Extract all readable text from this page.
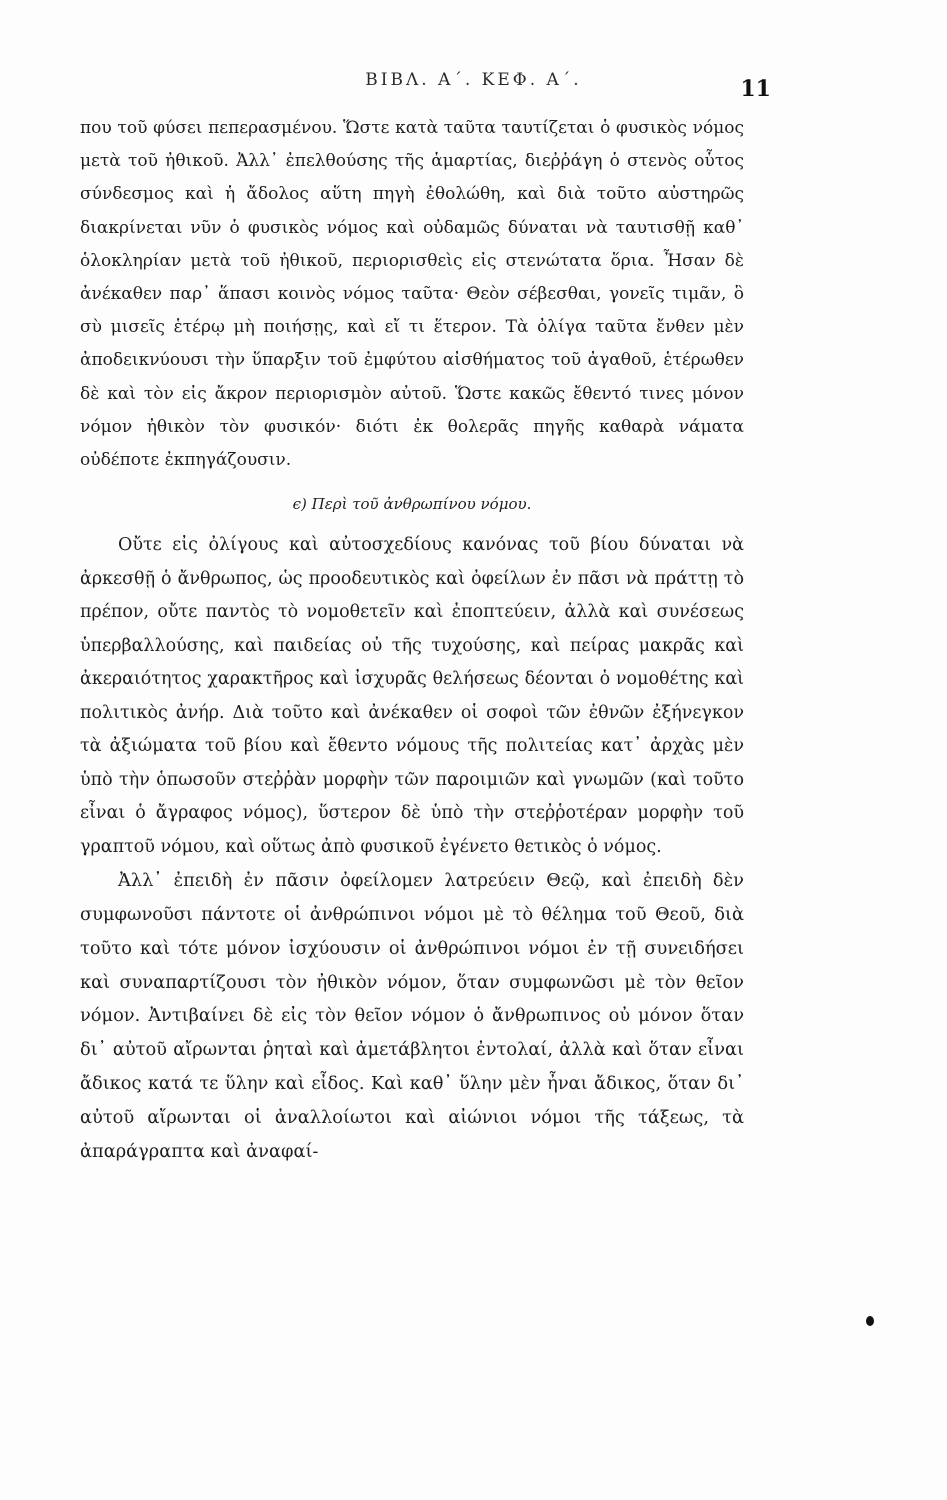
ΒΙΒΛ. Α΄. ΚΕΦ. Α΄.	11

που τοῦ φύσει πεπερασμένου. Ὥστε κατὰ ταῦτα ταυτίζεται ὁ φυσικὸς νόμος μετὰ τοῦ ἠθικοῦ. Ἀλλ᾽ ἐπελθούσης τῆς ἁμαρτίας, διεῤῥάγη ὁ στενὸς οὗτος σύνδεσμος καὶ ἡ ἄδολος αὕτη πηγὴ ἐθολώθη, καὶ διὰ τοῦτο αὐστηρῶς διακρίνεται νῦν ὁ φυσικὸς νόμος καὶ οὐδαμῶς δύναται νὰ ταυτισθῇ καθ᾽ ὁλοκληρίαν μετὰ τοῦ ἠθικοῦ, περιορισθεὶς εἰς στενώτατα ὅρια. Ἦσαν δὲ ἀνέκαθεν παρ᾽ ἅπασι κοινὸς νόμος ταῦτα· Θεὸν σέβεσθαι, γονεῖς τιμᾶν, ὃ σὺ μισεῖς ἑτέρῳ μὴ ποιήσῃς, καὶ εἴ τι ἕτερον. Τὰ ὀλίγα ταῦτα ἔνθεν μὲν ἀποδεικνύουσι τὴν ὕπαρξιν τοῦ ἐμφύτου αἰσθήματος τοῦ ἀγαθοῦ, ἑτέρωθεν δὲ καὶ τὸν εἰς ἄκρον περιορισμὸν αὐτοῦ. Ὥστε κακῶς ἔθεντό τινες μόνον νόμον ἠθικὸν τὸν φυσικόν· διότι ἐκ θολερᾶς πηγῆς καθαρὰ νάματα οὐδέποτε ἐκπηγάζουσιν.

ϵ) Περὶ τοῦ ἀνθρωπίνου νόμου.

Οὔτε εἰς ὀλίγους καὶ αὐτοσχεδίους κανόνας τοῦ βίου δύναται νὰ ἀρκεσθῇ ὁ ἄνθρωπος, ὡς προοδευτικὸς καὶ ὀφείλων ἐν πᾶσι νὰ πράττῃ τὸ πρέπον, οὔτε παντὸς τὸ νομοθετεῖν καὶ ἐποπτεύειν, ἀλλὰ καὶ συνέσεως ὑπερβαλλούσης, καὶ παιδείας οὐ τῆς τυχούσης, καὶ πείρας μακρᾶς καὶ ἀκεραιότητος χαρακτῆρος καὶ ἰσχυρᾶς θελήσεως δέονται ὁ νομοθέτης καὶ πολιτικὸς ἀνήρ. Διὰ τοῦτο καὶ ἀνέκαθεν οἱ σοφοὶ τῶν ἐθνῶν ἐξήνεγκον τὰ ἀξιώματα τοῦ βίου καὶ ἔθεντο νόμους τῆς πολιτείας κατ᾽ ἀρχὰς μὲν ὑπὸ τὴν ὁπωσοῦν στεῤῥὰν μορφὴν τῶν παροιμιῶν καὶ γνωμῶν (καὶ τοῦτο εἶναι ὁ ἄγραφος νόμος), ὕστερον δὲ ὑπὸ τὴν στεῤῥοτέραν μορφὴν τοῦ γραπτοῦ νόμου, καὶ οὕτως ἀπὸ φυσικοῦ ἐγένετο θετικὸς ὁ νόμος.

Ἀλλ᾽ ἐπειδὴ ἐν πᾶσιν ὀφείλομεν λατρεύειν Θεῷ, καὶ ἐπειδὴ δὲν συμφωνοῦσι πάντοτε οἱ ἀνθρώπινοι νόμοι μὲ τὸ θέλημα τοῦ Θεοῦ, διὰ τοῦτο καὶ τότε μόνον ἰσχύουσιν οἱ ἀνθρώπινοι νόμοι ἐν τῇ συνειδήσει καὶ συναπαρτίζουσι τὸν ἠθικὸν νόμον, ὅταν συμφωνῶσι μὲ τὸν θεῖον νόμον. Ἀντιβαίνει δὲ εἰς τὸν θεῖον νόμον ὁ ἄνθρωπινος οὐ μόνον ὅταν δι᾽ αὐτοῦ αἴρωνται ῥηταὶ καὶ ἀμετάβλητοι ἐντολαί, ἀλλὰ καὶ ὅταν εἶναι ἄδικος κατά τε ὕλην καὶ εἶδος. Καὶ καθ᾽ ὕλην μὲν ἦναι ἄδικος, ὅταν δι᾽ αὐτοῦ αἴρωνται οἱ ἀναλλοίωτοι καὶ αἰώνιοι νόμοι τῆς τάξεως, τὰ ἀπαράγραπτα καὶ ἀναφαί-
